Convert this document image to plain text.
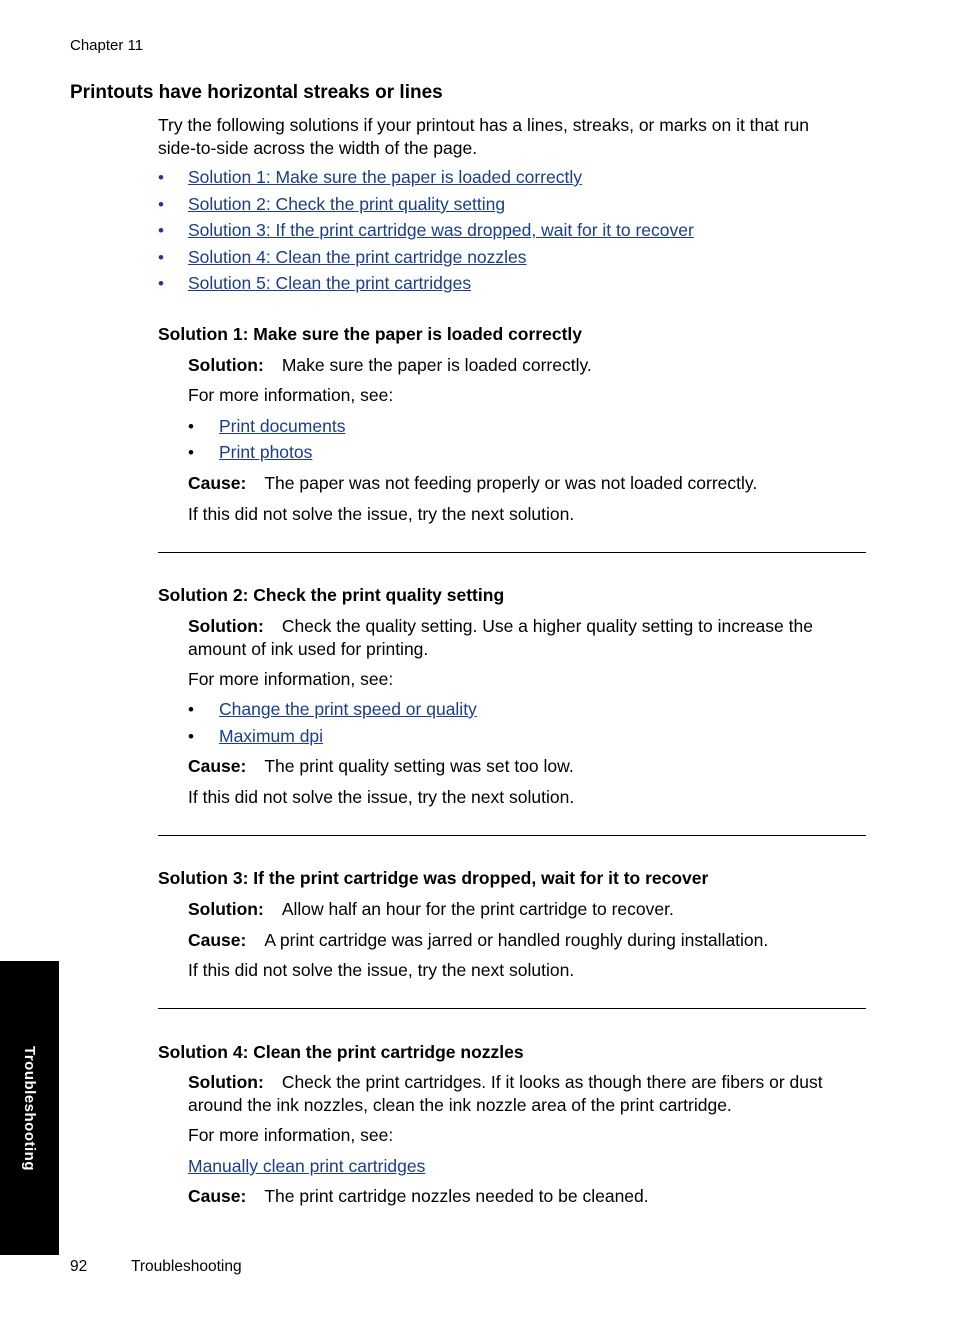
Chapter 11

Printouts have horizontal streaks or lines

Try the following solutions if your printout has a lines, streaks, or marks on it that run side-to-side across the width of the page.

• Solution 1: Make sure the paper is loaded correctly
• Solution 2: Check the print quality setting
• Solution 3: If the print cartridge was dropped, wait for it to recover
• Solution 4: Clean the print cartridge nozzles
• Solution 5: Clean the print cartridges
Solution 1: Make sure the paper is loaded correctly

Solution: Make sure the paper is loaded correctly.

For more information, see:

• Print documents
• Print photos

Cause: The paper was not feeding properly or was not loaded correctly.

If this did not solve the issue, try the next solution.

Solution 2: Check the print quality setting

Solution: Check the quality setting. Use a higher quality setting to increase the amount of ink used for printing.

For more information, see:

• Change the print speed or quality
• Maximum dpi

Cause: The print quality setting was set too low.

If this did not solve the issue, try the next solution.

Solution 3: If the print cartridge was dropped, wait for it to recover

Solution: Allow half an hour for the print cartridge to recover.

Cause: A print cartridge was jarred or handled roughly during installation.

If this did not solve the issue, try the next solution.

Solution 4: Clean the print cartridge nozzles

Solution: Check the print cartridges. If it looks as though there are fibers or dust around the ink nozzles, clean the ink nozzle area of the print cartridge.

For more information, see:

Manually clean print cartridges

Cause: The print cartridge nozzles needed to be cleaned.

Troubleshooting

92	Troubleshooting
